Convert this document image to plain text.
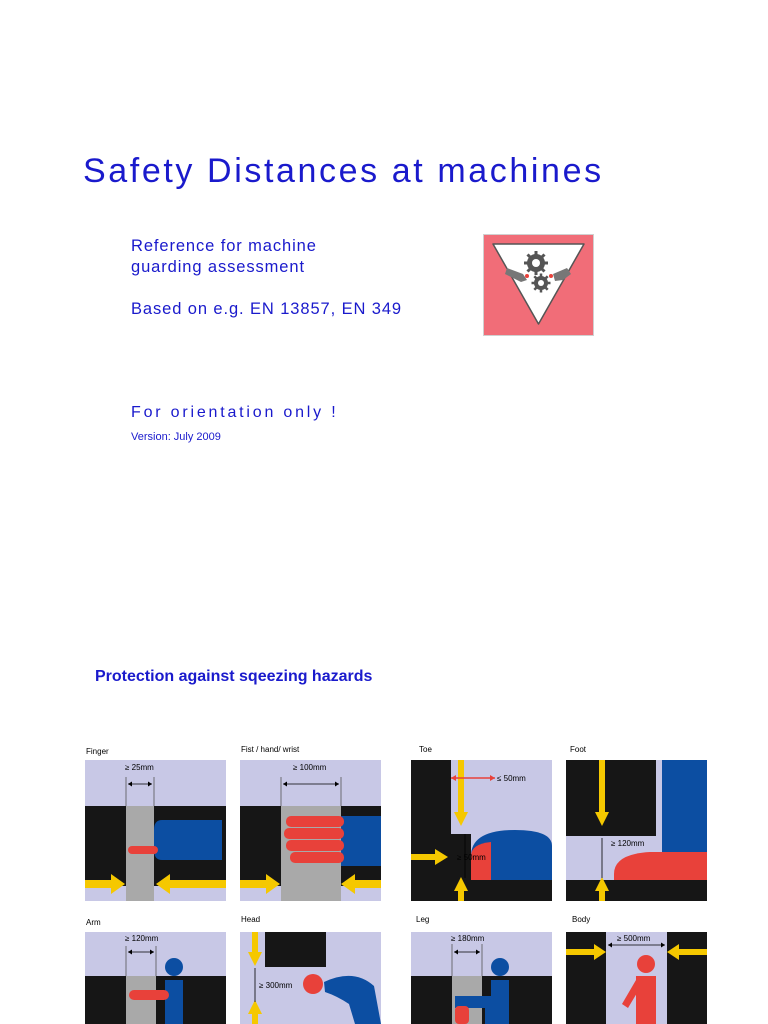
Safety Distances at machines
Reference for machine
guarding assessment
Based on e.g. EN 13857, EN 349
For orientation only !
Version: July 2009
Protection against sqeezing hazards
Finger
≥ 25mm
Fist / hand/ wrist
≥ 100mm
Toe
≤ 50mm
≥ 50mm
Foot
≥ 120mm
Arm
≥ 120mm
Head
≥ 300mm
Leg
≥ 180mm
Body
≥ 500mm
